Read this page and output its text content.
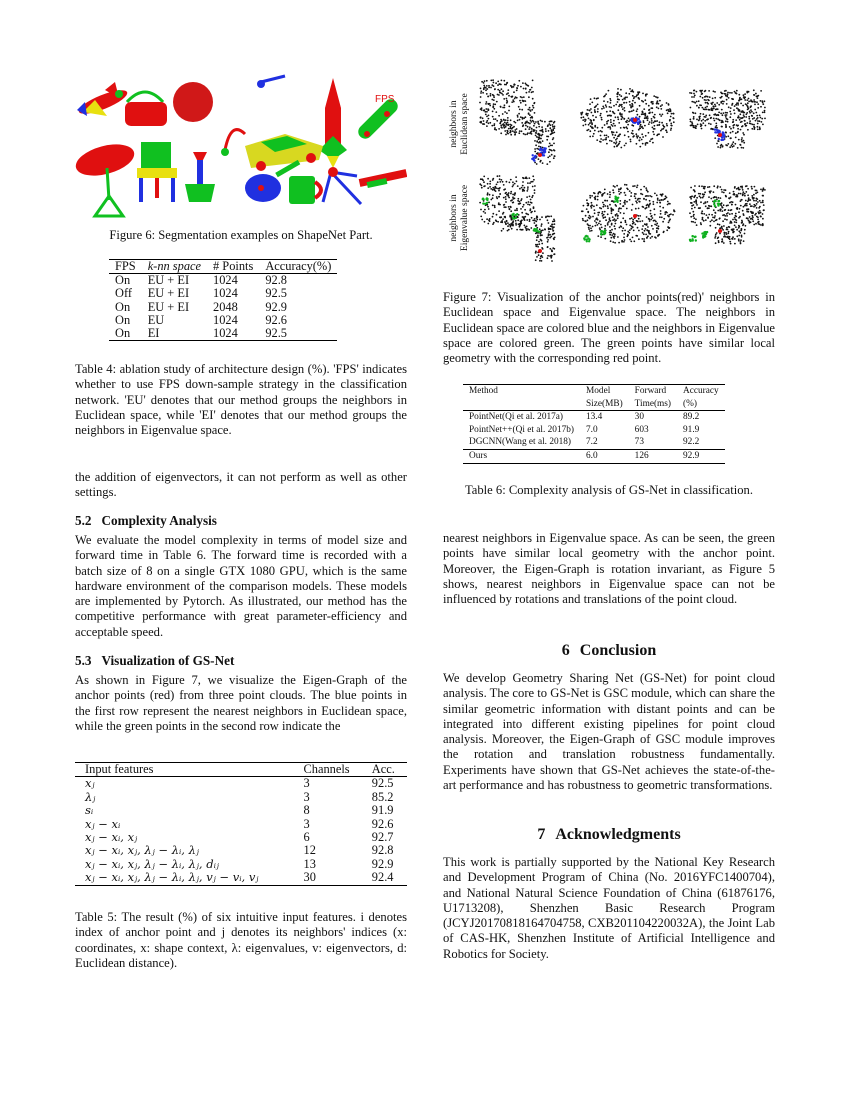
FPS
Figure 6: Segmentation examples on ShapeNet Part.
FPS	k-nn space	# Points	Accuracy(%)
On	EU + EI	1024	92.8
Off	EU + EI	1024	92.5
On	EU + EI	2048	92.9
On	EU	1024	92.6
On	EI	1024	92.5
Table 4: ablation study of architecture design (%). 'FPS' indicates whether to use FPS down-sample strategy in the classification network. 'EU' denotes that our method groups the neighbors in Euclidean space, while 'EI' denotes that our method groups the neighbors in Eigenvalue space.
the addition of eigenvectors, it can not perform as well as other settings.
5.2 Complexity Analysis
We evaluate the model complexity in terms of model size and forward time in Table 6. The forward time is recorded with a batch size of 8 on a single GTX 1080 GPU, which is the same hardware environment of the comparison models. These models are implemented by Pytorch. As illustrated, our method has the competitive performance with great parameter-efficiency and acceptable speed.
5.3 Visualization of GS-Net
As shown in Figure 7, we visualize the Eigen-Graph of the anchor points (red) from three point clouds. The blue points in the first row represent the nearest neighbors in Euclidean space, while the green points in the second row indicate the
Input features	Channels	Acc.
xⱼ	3	92.5
λⱼ	3	85.2
sᵢ	8	91.9
xⱼ − xᵢ	3	92.6
xⱼ − xᵢ, xⱼ	6	92.7
xⱼ − xᵢ, xⱼ, λⱼ − λᵢ, λⱼ	12	92.8
xⱼ − xᵢ, xⱼ, λⱼ − λᵢ, λⱼ, dᵢⱼ	13	92.9
xⱼ − xᵢ, xⱼ, λⱼ − λᵢ, λⱼ, vⱼ − vᵢ, vⱼ	30	92.4
Table 5: The result (%) of six intuitive input features. i denotes index of anchor point and j denotes its neighbors' indices (x: coordinates, x: shape context, λ: eigenvalues, v: eigenvectors, d: Euclidean distance).
neighbors in Euclidean space
neighbors in Eigenvalue space
Figure 7: Visualization of the anchor points(red)' neighbors in Euclidean space and Eigenvalue space. The neighbors in Euclidean space are colored blue and the neighbors in Eigenvalue space are colored green. The green points have similar local geometry with the corresponding red point.
Method	Model	Forward	Accuracy
	Size(MB)	Time(ms)	(%)
PointNet(Qi et al. 2017a)	13.4	30	89.2
PointNet++(Qi et al. 2017b)	7.0	603	91.9
DGCNN(Wang et al. 2018)	7.2	73	92.2
Ours	6.0	126	92.9
Table 6: Complexity analysis of GS-Net in classification.
nearest neighbors in Eigenvalue space. As can be seen, the green points have similar local geometry with the anchor point. Moreover, the Eigen-Graph is rotation invariant, as Figure 5 shows, nearest neighbors in Eigenvalue space can not be influenced by rotations and translations of the point cloud.
6 Conclusion
We develop Geometry Sharing Net (GS-Net) for point cloud analysis. The core to GS-Net is GSC module, which can share the similar geometric information with distant points and can be integrated into different existing pipelines for point cloud analysis. Moreover, the Eigen-Graph of GSC module improves the rotation and translation robustness fundamentally. Experiments have shown that GS-Net achieves the state-of-the-art performance and has robustness to geometric transformations.
7 Acknowledgments
This work is partially supported by the National Key Research and Development Program of China (No. 2016YFC1400704), and National Natural Science Foundation of China (61876176, U1713208), Shenzhen Basic Research Program (JCYJ20170818164704758, CXB201104220032A), the Joint Lab of CAS-HK, Shenzhen Institute of Artificial Intelligence and Robotics for Society.
